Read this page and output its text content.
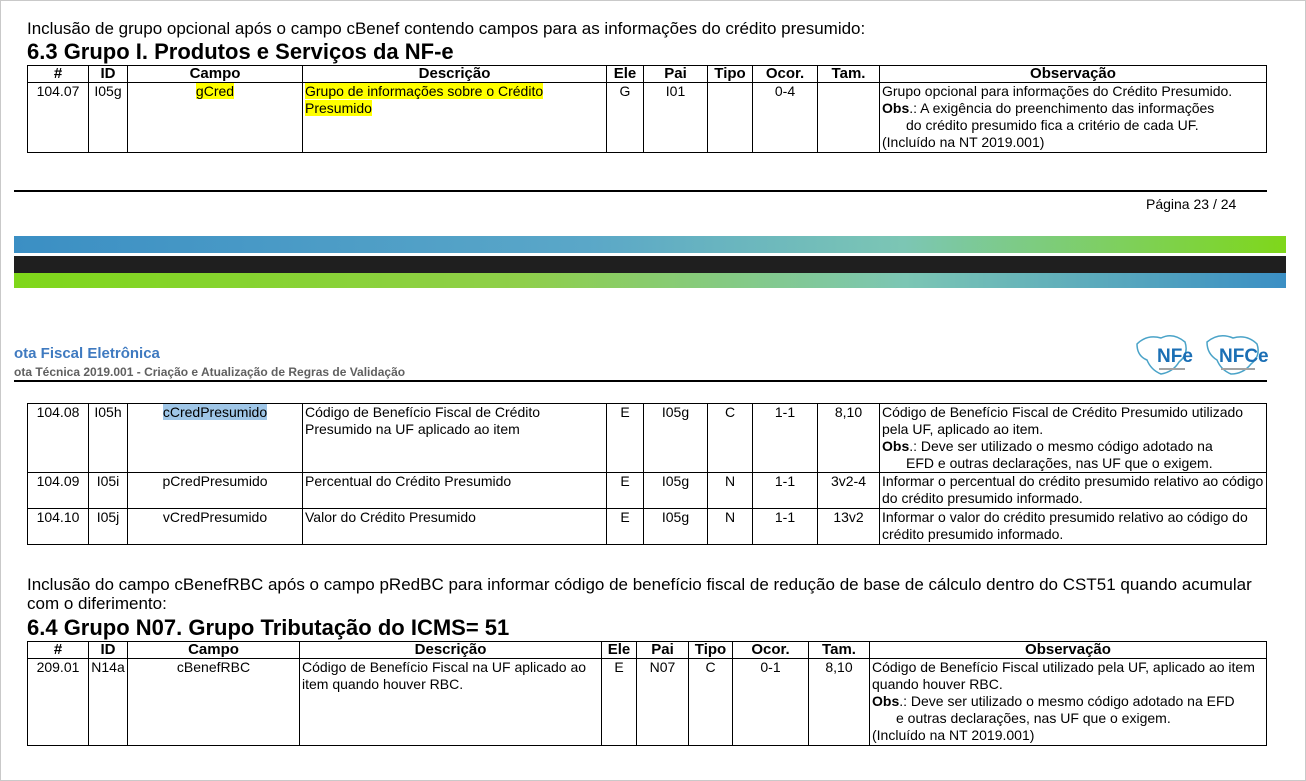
Inclusão de grupo opcional após o campo cBenef contendo campos para as informações do crédito presumido:
6.3 Grupo I. Produtos e Serviços da NF-e
#	ID	Campo	Descrição	Ele	Pai	Tipo	Ocor.	Tam.	Observação
104.07	I05g	gCred	Grupo de informações sobre o Crédito Presumido	G	I01		0-4		Grupo opcional para informações do Crédito Presumido.
Obs.: A exigência do preenchimento das informações
do crédito presumido fica a critério de cada UF.
(Incluído na NT 2019.001)
Página 23 / 24
ota Fiscal Eletrônica
ota Técnica 2019.001 - Criação e Atualização de Regras de Validação
NFe NFCe
104.08	I05h	cCredPresumido	Código de Benefício Fiscal de Crédito Presumido na UF aplicado ao item	E	I05g	C	1-1	8,10	Código de Benefício Fiscal de Crédito Presumido utilizado pela UF, aplicado ao item.
Obs.: Deve ser utilizado o mesmo código adotado na
EFD e outras declarações, nas UF que o exigem.

104.09	I05i	pCredPresumido	Percentual do Crédito Presumido	E	I05g	N	1-1	3v2-4	Informar o percentual do crédito presumido relativo ao código do crédito presumido informado.
104.10	I05j	vCredPresumido	Valor do Crédito Presumido	E	I05g	N	1-1	13v2	Informar o valor do crédito presumido relativo ao código do crédito presumido informado.
Inclusão do campo cBenefRBC após o campo pRedBC para informar código de benefício fiscal de redução de base de cálculo dentro do CST51 quando acumular com o diferimento:
6.4 Grupo N07. Grupo Tributação do ICMS= 51
#	ID	Campo	Descrição	Ele	Pai	Tipo	Ocor.	Tam.	Observação
209.01	N14a	cBenefRBC	Código de Benefício Fiscal na UF aplicado ao item quando houver RBC.	E	N07	C	0-1	8,10	Código de Benefício Fiscal utilizado pela UF, aplicado ao item quando houver RBC.
Obs.: Deve ser utilizado o mesmo código adotado na EFD
e outras declarações, nas UF que o exigem.
(Incluído na NT 2019.001)
